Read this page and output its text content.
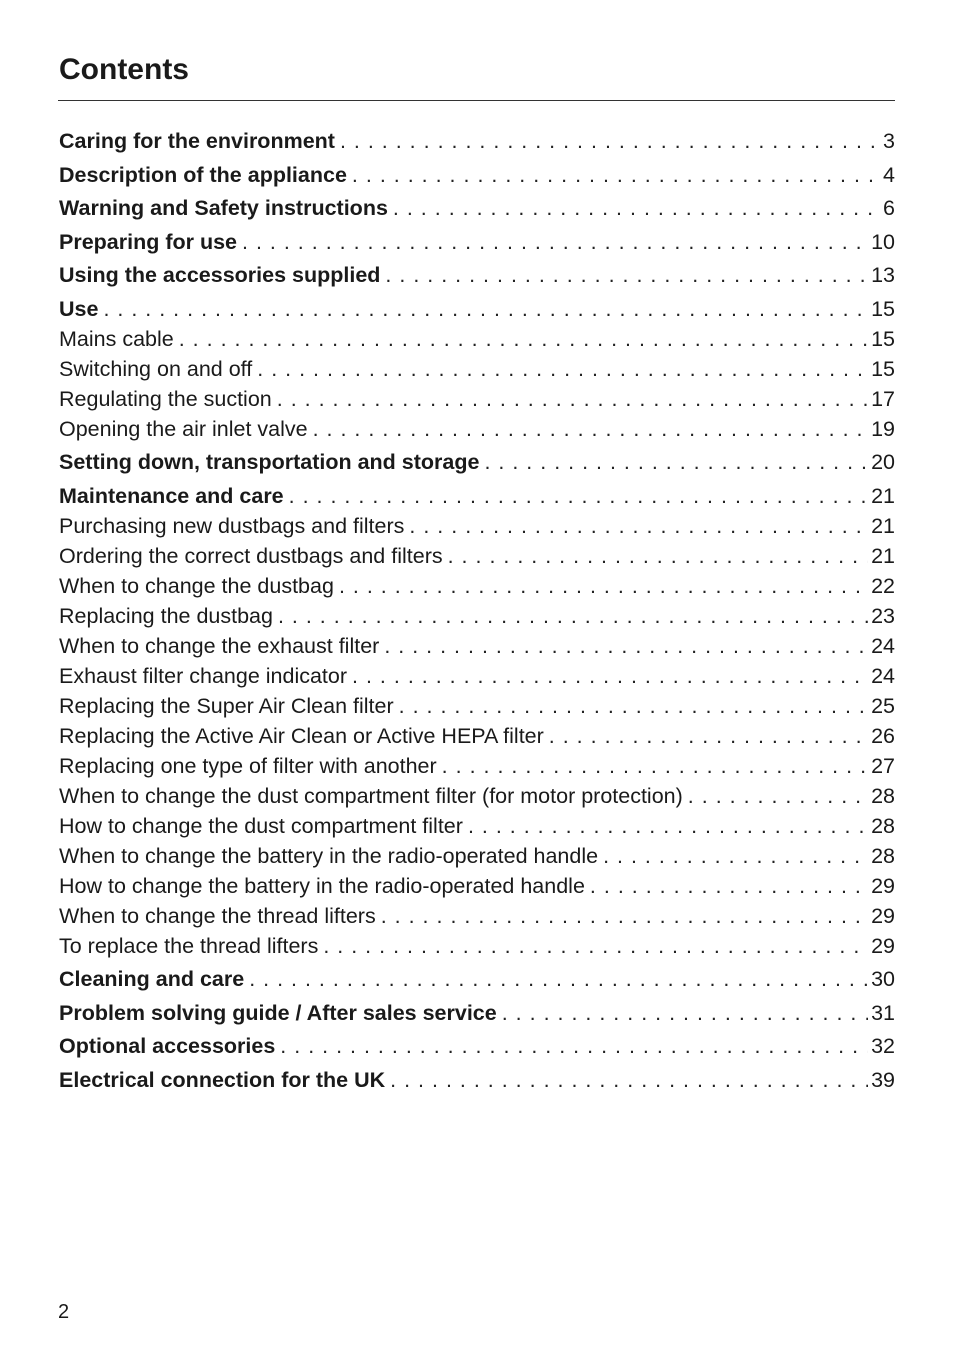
Contents
Caring for the environment . . .	3
Description of the appliance . . .	4
Warning and Safety instructions . . .	6
Preparing for use . . .	10
Using the accessories supplied . . .	13
Use . . .	15
Mains cable . . .	15
Switching on and off . . .	15
Regulating the suction . . .	17
Opening the air inlet valve . . .	19
Setting down, transportation and storage . . .	20
Maintenance and care . . .	21
Purchasing new dustbags and filters . . .	21
Ordering the correct dustbags and filters . . .	21
When to change the dustbag . . .	22
Replacing the dustbag . . .	23
When to change the exhaust filter . . .	24
Exhaust filter change indicator . . .	24
Replacing the Super Air Clean filter . . .	25
Replacing the Active Air Clean or Active HEPA filter . . .	26
Replacing one type of filter with another . . .	27
When to change the dust compartment filter (for motor protection) . . .	28
How to change the dust compartment filter . . .	28
When to change the battery in the radio-operated handle . . .	28
How to change the battery in the radio-operated handle . . .	29
When to change the thread lifters . . .	29
To replace the thread lifters . . .	29
Cleaning and care . . .	30
Problem solving guide / After sales service . . .	31
Optional accessories . . .	32
Electrical connection for the UK . . .	39
2
